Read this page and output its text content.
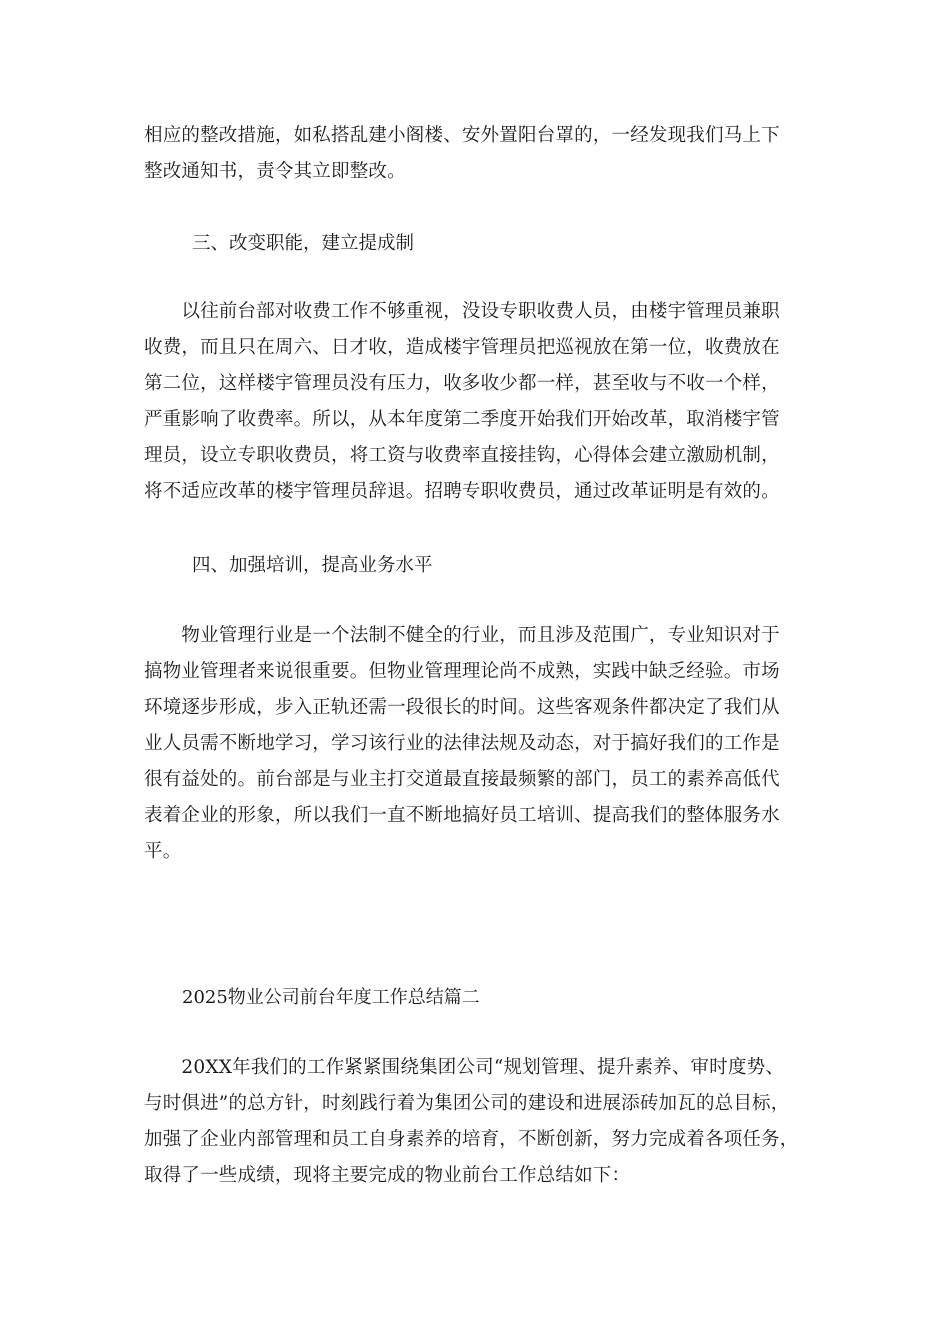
相应的整改措施，如私搭乱建小阁楼、安外置阳台罩的，一经发现我们马上下
整改通知书，责令其立即整改。
三、改变职能，建立提成制
　　以往前台部对收费工作不够重视，没设专职收费人员，由楼宇管理员兼职
收费，而且只在周六、日才收，造成楼宇管理员把巡视放在第一位，收费放在
第二位，这样楼宇管理员没有压力，收多收少都一样，甚至收与不收一个样，
严重影响了收费率。所以，从本年度第二季度开始我们开始改革，取消楼宇管
理员，设立专职收费员，将工资与收费率直接挂钩，心得体会建立激励机制，
将不适应改革的楼宇管理员辞退。招聘专职收费员，通过改革证明是有效的。
四、加强培训，提高业务水平
　　物业管理行业是一个法制不健全的行业，而且涉及范围广，专业知识对于
搞物业管理者来说很重要。但物业管理理论尚不成熟，实践中缺乏经验。市场
环境逐步形成，步入正轨还需一段很长的时间。这些客观条件都决定了我们从
业人员需不断地学习，学习该行业的法律法规及动态，对于搞好我们的工作是
很有益处的。前台部是与业主打交道最直接最频繁的部门，员工的素养高低代
表着企业的形象，所以我们一直不断地搞好员工培训、提高我们的整体服务水
平。
2025物业公司前台年度工作总结篇二
　　20XX年我们的工作紧紧围绕集团公司“规划管理、提升素养、审时度势、
与时俱进”的总方针，时刻践行着为集团公司的建设和进展添砖加瓦的总目标，
加强了企业内部管理和员工自身素养的培育，不断创新，努力完成着各项任务，
取得了一些成绩，现将主要完成的物业前台工作总结如下：
